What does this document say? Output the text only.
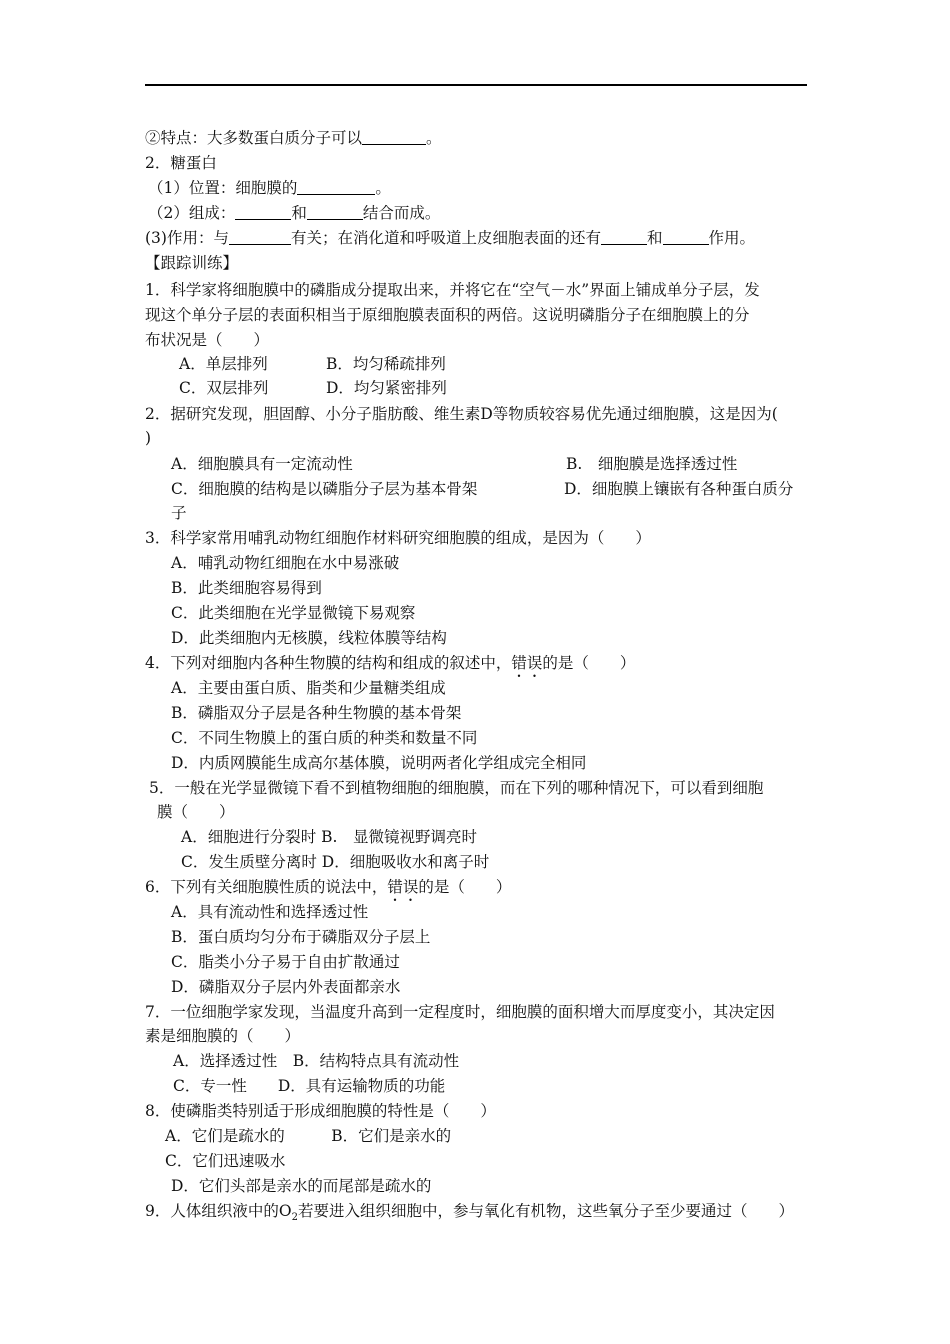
②特点：大多数蛋白质分子可以	。
2．糖蛋白
（1）位置：细胞膜的	。
（2）组成：	和	结合而成。
(3)作用：与	有关；在消化道和呼吸道上皮细胞表面的还有	和	作用。
【跟踪训练】
1．科学家将细胞膜中的磷脂成分提取出来，并将它在“空气－水”界面上铺成单分子层，发
现这个单分子层的表面积相当于原细胞膜表面积的两倍。这说明磷脂分子在细胞膜上的分
布状况是（　　）
A．单层排列	B．均匀稀疏排列
C．双层排列	D．均匀紧密排列
2．据研究发现，胆固醇、小分子脂肪酸、维生素D等物质较容易优先通过细胞膜，这是因为(
)
A．细胞膜具有一定流动性	B.　细胞膜是选择透过性
C．细胞膜的结构是以磷脂分子层为基本骨架	D．细胞膜上镶嵌有各种蛋白质分
子
3．科学家常用哺乳动物红细胞作材料研究细胞膜的组成，是因为（　　）
A．哺乳动物红细胞在水中易涨破
B．此类细胞容易得到
C．此类细胞在光学显微镜下易观察
D．此类细胞内无核膜，线粒体膜等结构
4．下列对细胞内各种生物膜的结构和组成的叙述中，错误的是（　　）
A．主要由蛋白质、脂类和少量糖类组成
B．磷脂双分子层是各种生物膜的基本骨架
C．不同生物膜上的蛋白质的种类和数量不同
D．内质网膜能生成高尔基体膜，说明两者化学组成完全相同
5．一般在光学显微镜下看不到植物细胞的细胞膜，而在下列的哪种情况下，可以看到细胞
膜（　　）
A．细胞进行分裂时 B.　显微镜视野调亮时
C．发生质壁分离时 D．细胞吸收水和离子时
6．下列有关细胞膜性质的说法中，错误的是（　　）
A．具有流动性和选择透过性
B．蛋白质均匀分布于磷脂双分子层上
C．脂类小分子易于自由扩散通过
D．磷脂双分子层内外表面都亲水
7．一位细胞学家发现，当温度升高到一定程度时，细胞膜的面积增大而厚度变小，其决定因
素是细胞膜的（　　）
A．选择透过性　B．结构特点具有流动性
C．专一性　　D．具有运输物质的功能
8．使磷脂类特别适于形成细胞膜的特性是（　　）
A．它们是疏水的　　　B．它们是亲水的
C．它们迅速吸水
D．它们头部是亲水的而尾部是疏水的
9．人体组织液中的$O_2$若要进入组织细胞中，参与氧化有机物，这些氧分子至少要通过（　　）
